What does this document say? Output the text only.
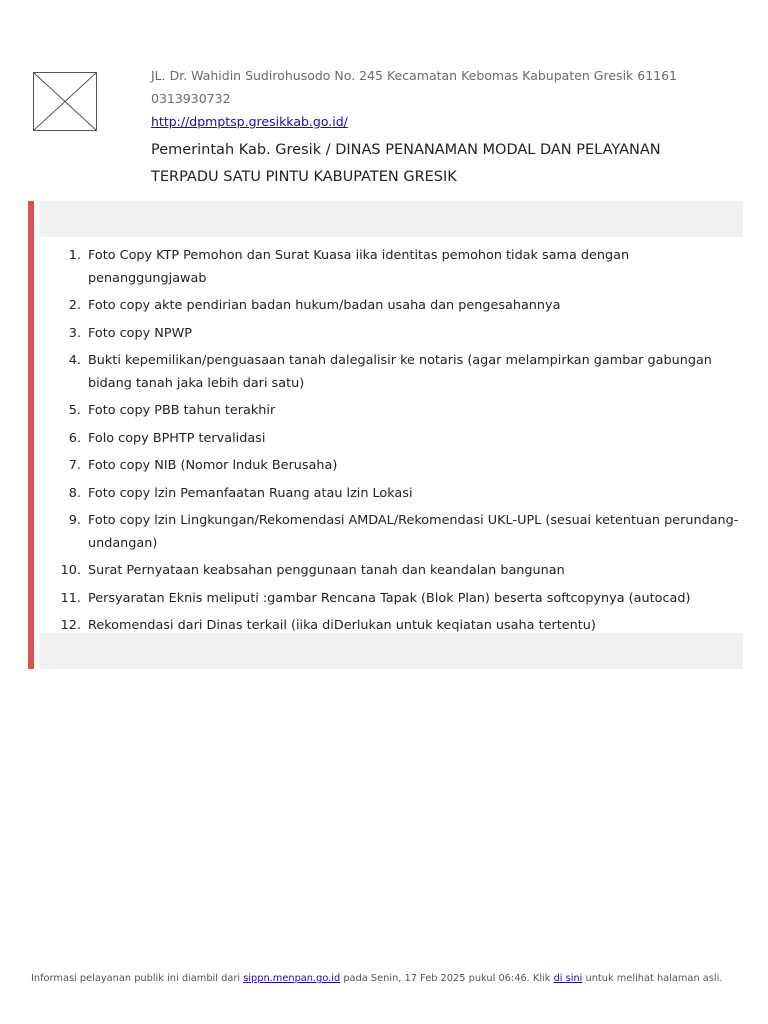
JL. Dr. Wahidin Sudirohusodo No. 245 Kecamatan Kebomas Kabupaten Gresik 61161
0313930732
http://dpmptsp.gresikkab.go.id/
Pemerintah Kab. Gresik / DINAS PENANAMAN MODAL DAN PELAYANAN
TERPADU SATU PINTU KABUPATEN GRESIK
1. Foto Copy KTP Pemohon dan Surat Kuasa iika identitas pemohon tidak sama dengan penanggungjawab
2. Foto copy akte pendirian badan hukum/badan usaha dan pengesahannya
3. Foto copy NPWP
4. Bukti kepemilikan/penguasaan tanah dalegalisir ke notaris (agar melampirkan gambar gabungan bidang tanah jaka lebih dari satu)
5. Foto copy PBB tahun terakhir
6. Folo copy BPHTP tervalidasi
7. Foto copy NIB (Nomor lnduk Berusaha)
8. Foto copy lzin Pemanfaatan Ruang atau lzin Lokasi
9. Foto copy lzin Lingkungan/Rekomendasi AMDAL/Rekomendasi UKL-UPL (sesuai ketentuan perundang-undangan)
10. Surat Pernyataan keabsahan penggunaan tanah dan keandalan bangunan
11. Persyaratan Eknis meliputi :gambar Rencana Tapak (Blok Plan) beserta softcopynya (autocad)
12. Rekomendasi dari Dinas terkail (iika diDerlukan untuk keqiatan usaha tertentu)
Informasi pelayanan publik ini diambil dari sippn.menpan.go.id pada Senin, 17 Feb 2025 pukul 06:46. Klik di sini untuk melihat halaman asli.
